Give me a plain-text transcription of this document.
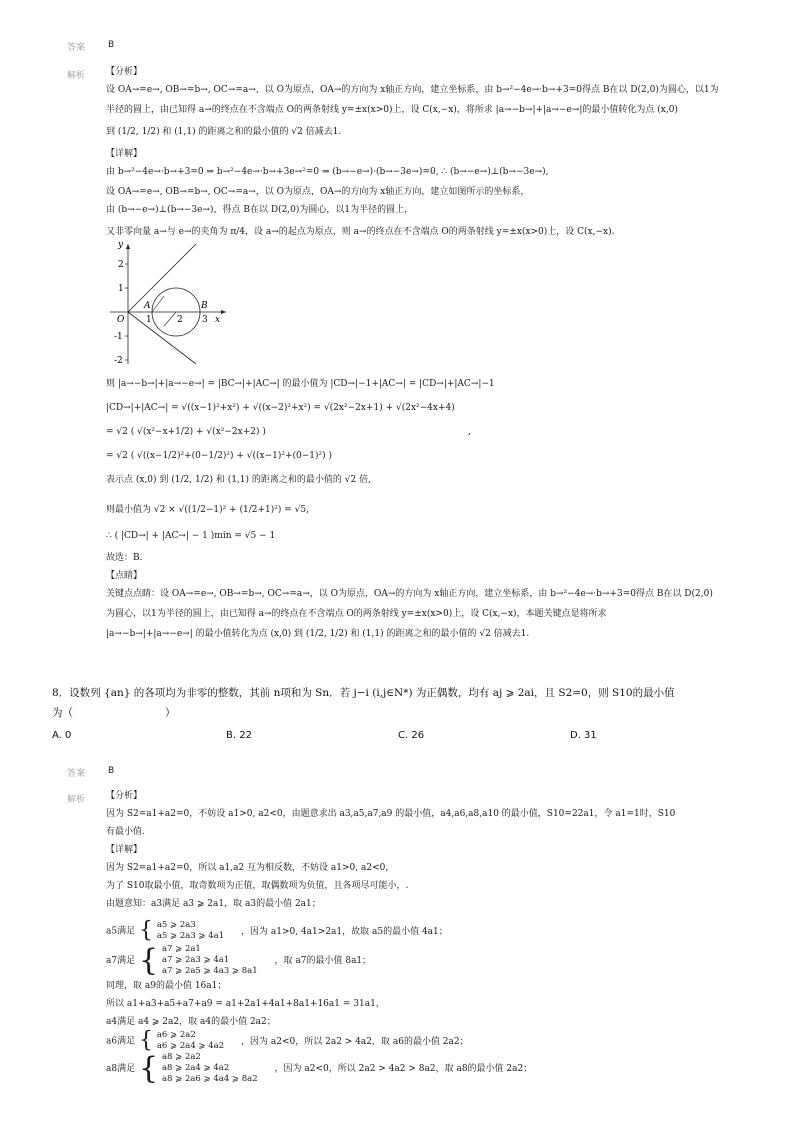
答案	B
解析 【分析】
设 OA→=e→, OB→=b→, OC→=a→，以 O为原点，OA→的方向为 x轴正方向，建立坐标系，由 b→²−4e→·b→+3=0得点 B在以 D(2,0)为圆心，以1为
半径的圆上，由已知得 a→的终点在不含端点 O的两条射线 y=±x(x>0)上，设 C(x,−x)，将所求 |a→−b→|+|a→−e→|的最小值转化为点 (x,0)
到 (1/2, 1/2) 和 (1,1) 的距离之和的最小值的 √2 倍减去1.
【详解】
由 b→²−4e→·b→+3=0 ⇒ b→²−4e→·b→+3e→²=0 ⇒ (b→−e→)·(b→−3e→)=0, ∴ (b→−e→)⊥(b→−3e→),
设 OA→=e→, OB→=b→, OC→=a→，以 O为原点，OA→的方向为 x轴正方向，建立如图所示的坐标系，
由 (b→−e→)⊥(b→−3e→)，得点 B在以 D(2,0)为圆心，以1为半径的圆上，
又非零向量 a→与 e→的夹角为 π/4，设 a→的起点为原点，则 a→的终点在不含端点 O的两条射线 y=±x(x>0)上，设 C(x,−x).
y
x
O
2
1
-1
-2
1	2 3
A	B
则 |a→−b→|+|a→−e→| = |BC→|+|AC→| 的最小值为 |CD→|−1+|AC→| = |CD→|+|AC→|−1
|CD→|+|AC→| = √((x−1)²+x²) + √((x−2)²+x²) = √(2x²−2x+1) + √(2x²−4x+4)
= √2 ( √(x²−x+1/2) + √(x²−2x+2) )	,
= √2 ( √((x−1/2)²+(0−1/2)²) + √((x−1)²+(0−1)²) )
表示点 (x,0) 到 (1/2, 1/2) 和 (1,1) 的距离之和的最小值的 √2 倍,
则最小值为 √2 × √((1/2−1)² + (1/2+1)²) = √5,
∴ ( |CD→| + |AC→| − 1 )min = √5 − 1
故选：B.
【点睛】
关键点点睛：设 OA→=e→, OB→=b→, OC→=a→，以 O为原点，OA→的方向为 x轴正方向，建立坐标系，由 b→²−4e→·b→+3=0得点 B在以 D(2,0)
为圆心，以1为半径的圆上，由已知得 a→的终点在不含端点 O的两条射线 y=±x(x>0)上，设 C(x,−x)，本题关键点是将所求
|a→−b→|+|a→−e→| 的最小值转化为点 (x,0) 到 (1/2, 1/2) 和 (1,1) 的距离之和的最小值的 √2 倍减去1.
8．设数列 {an} 的各项均为非零的整数，其前 n项和为 Sn．若 j−i (i,j∈N*) 为正偶数，均有 aj ⩾ 2ai，且 S2=0，则 S10的最小值
为（	）
A. 0	B. 22	C. 26	D. 31
答案	B
解析 【分析】
因为 S2=a1+a2=0，不妨设 a1>0, a2<0，由题意求出 a3,a5,a7,a9 的最小值，a4,a6,a8,a10 的最小值，S10=22a1，令 a1=1时，S10
有最小值.
【详解】
因为 S2=a1+a2=0，所以 a1,a2 互为相反数，不妨设 a1>0, a2<0，
为了 S10取最小值，取奇数项为正值，取偶数项为负值，且各项尽可能小，.
由题意知：a3满足 a3 ⩾ 2a1，取 a3的最小值 2a1；
a5满足 { a5 ⩾ 2a3
a5 ⩾ 2a3 ⩾ 4a1 ，因为 a1>0, 4a1>2a1，故取 a5的最小值 4a1；
a7满足 { a7 ⩾ 2a1
a7 ⩾ 2a3 ⩾ 4a1
a7 ⩾ 2a5 ⩾ 4a3 ⩾ 8a1
，取 a7的最小值 8a1；
同理，取 a9的最小值 16a1；
所以 a1+a3+a5+a7+a9 = a1+2a1+4a1+8a1+16a1 = 31a1，
a4满足 a4 ⩾ 2a2，取 a4的最小值 2a2；
a6满足 { a6 ⩾ 2a2
a6 ⩾ 2a4 ⩾ 4a2 ，因为 a2<0，所以 2a2 > 4a2，取 a6的最小值 2a2；
a8满足 { a8 ⩾ 2a2
a8 ⩾ 2a4 ⩾ 4a2
a8 ⩾ 2a6 ⩾ 4a4 ⩾ 8a2
，因为 a2<0，所以 2a2 > 4a2 > 8a2，取 a8的最小值 2a2；
